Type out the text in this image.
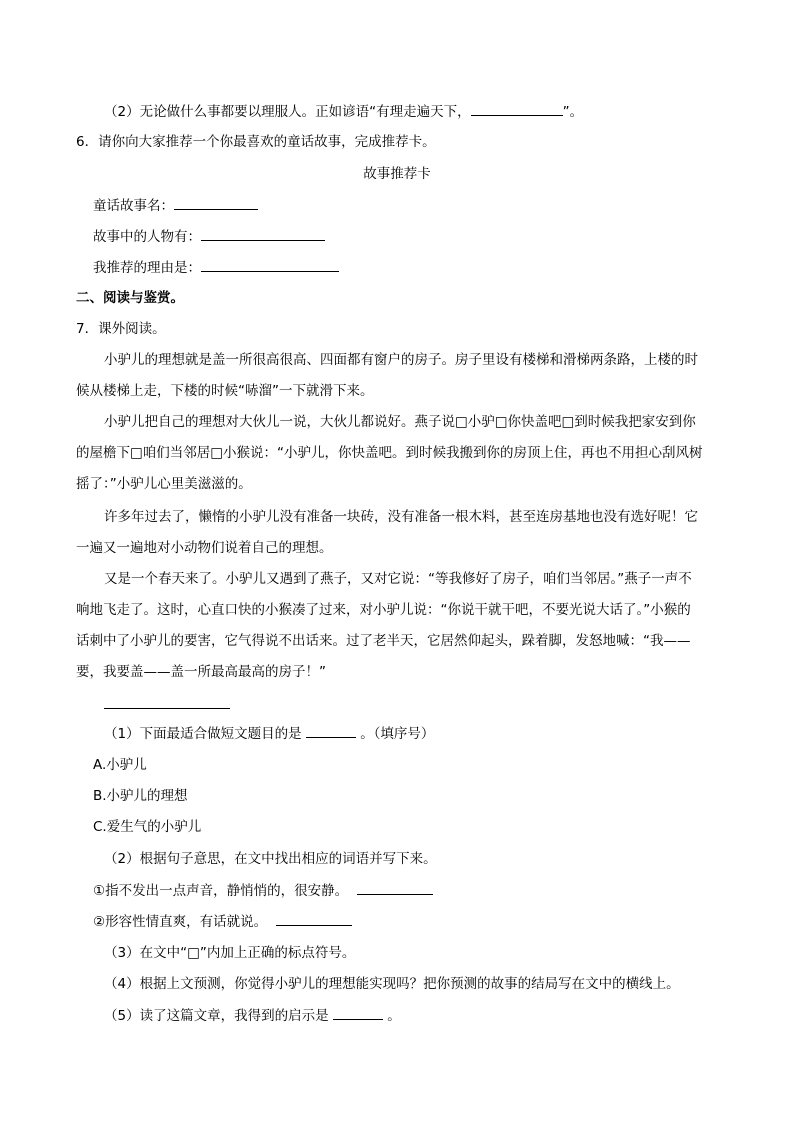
（2）无论做什么事都要以理服人。正如谚语“有理走遍天下，	”。
6．请你向大家推荐一个你最喜欢的童话故事，完成推荐卡。
故事推荐卡
童话故事名：
故事中的人物有：
我推荐的理由是：
二、阅读与鉴赏。
7．课外阅读。
小驴儿的理想就是盖一所很高很高、四面都有窗户的房子。房子里设有楼梯和滑梯两条路，上楼的时
候从楼梯上走，下楼的时候“哧溜”一下就滑下来。
小驴儿把自己的理想对大伙儿一说，大伙儿都说好。燕子说□小驴□你快盖吧□到时候我把家安到你
的屋檐下□咱们当邻居□小猴说：“小驴儿，你快盖吧。到时候我搬到你的房顶上住，再也不用担心刮风树
摇了：”小驴儿心里美滋滋的。
许多年过去了，懒惰的小驴儿没有准备一块砖，没有准备一根木料，甚至连房基地也没有选好呢！它
一遍又一遍地对小动物们说着自己的理想。
又是一个春天来了。小驴儿又遇到了燕子，又对它说：“等我修好了房子，咱们当邻居。”燕子一声不
响地飞走了。这时，心直口快的小猴凑了过来，对小驴儿说：“你说干就干吧，不要光说大话了。”小猴的
话刺中了小驴儿的要害，它气得说不出话来。过了老半天，它居然仰起头，跺着脚，发怒地喊：“我——
要，我要盖——盖一所最高最高的房子！”
（1）下面最适合做短文题目的是	。（填序号）
A.小驴儿
B.小驴儿的理想
C.爱生气的小驴儿
（2）根据句子意思，在文中找出相应的词语并写下来。
①指不发出一点声音，静悄悄的，很安静。
②形容性情直爽，有话就说。
（3）在文中“□”内加上正确的标点符号。
（4）根据上文预测，你觉得小驴儿的理想能实现吗？把你预测的故事的结局写在文中的横线上。
（5）读了这篇文章，我得到的启示是	。
